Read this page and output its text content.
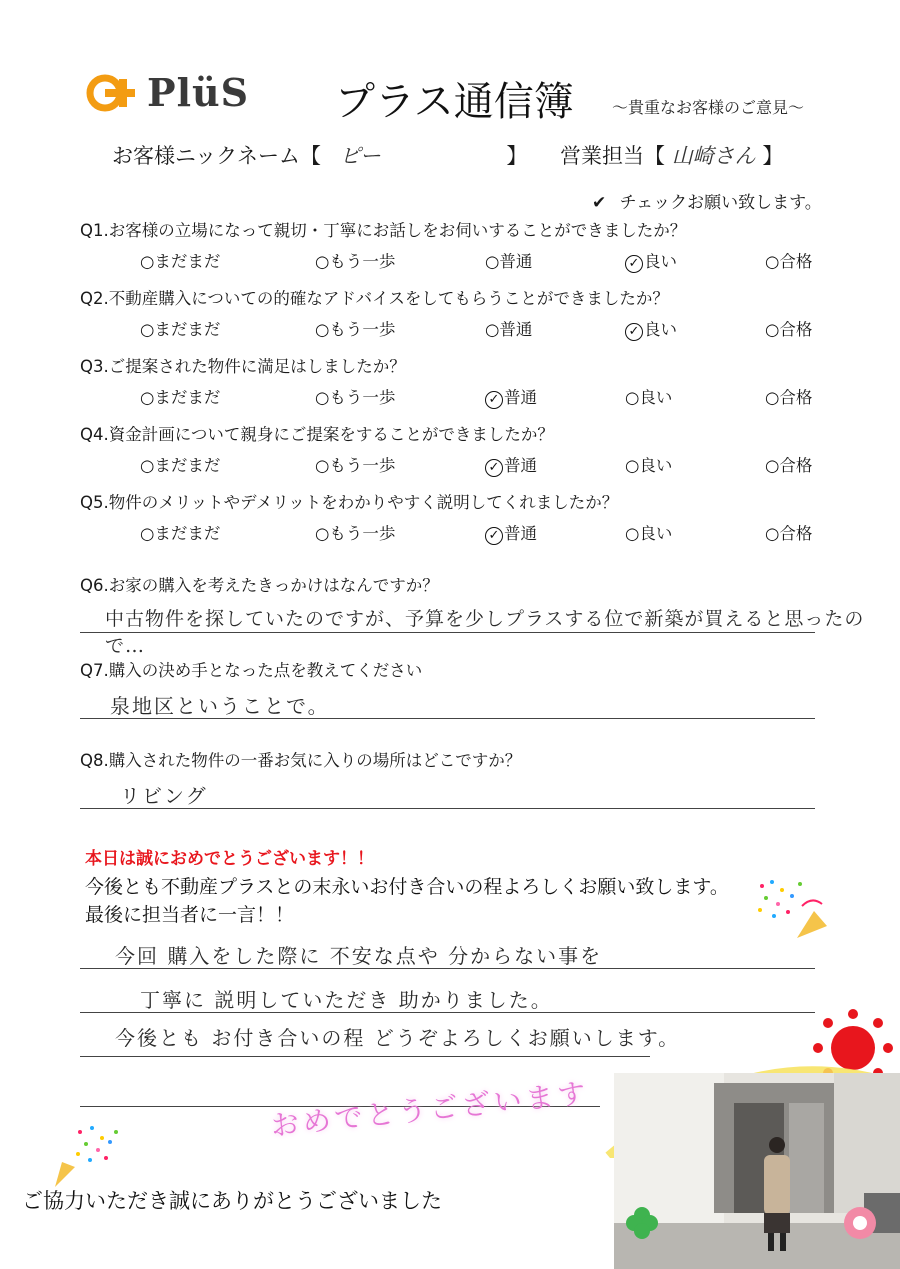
PlüS プラス通信簿 ～貴重なお客様のご意見～
お客様ニックネーム【 ピー	】 営業担当【 山崎さん 】
✔ チェックお願い致します。
Q1.お客様の立場になって親切・丁寧にお話しをお伺いすることができましたか？
○まだまだ	○もう一歩	○普通	✓ 良い	○合格
Q2.不動産購入についての的確なアドバイスをしてもらうことができましたか？
○まだまだ	○もう一歩	○普通	✓ 良い	○合格
Q3.ご提案された物件に満足はしましたか？
○まだまだ	○もう一歩	✓ 普通	○良い	○合格
Q4.資金計画について親身にご提案をすることができましたか？
○まだまだ	○もう一歩	✓ 普通	○良い	○合格
Q5.物件のメリットやデメリットをわかりやすく説明してくれましたか？
○まだまだ	○もう一歩	✓ 普通	○良い	○合格
Q6.お家の購入を考えたきっかけはなんですか？
中古物件を探していたのですが、予算を少しプラスする位で新築が買えると思ったので…
Q7.購入の決め手となった点を教えてください
泉地区ということで。
Q8.購入された物件の一番お気に入りの場所はどこですか？
リビング
本日は誠におめでとうございます！！
今後とも不動産プラスとの末永いお付き合いの程よろしくお願い致します。
最後に担当者に一言！！
今回 購入をした際に 不安な点や 分からない事を
丁寧に 説明していただき 助かりました。
今後とも お付き合いの程 どうぞよろしくお願いします。
おめでとうございます
ご協力いただき誠にありがとうございました
